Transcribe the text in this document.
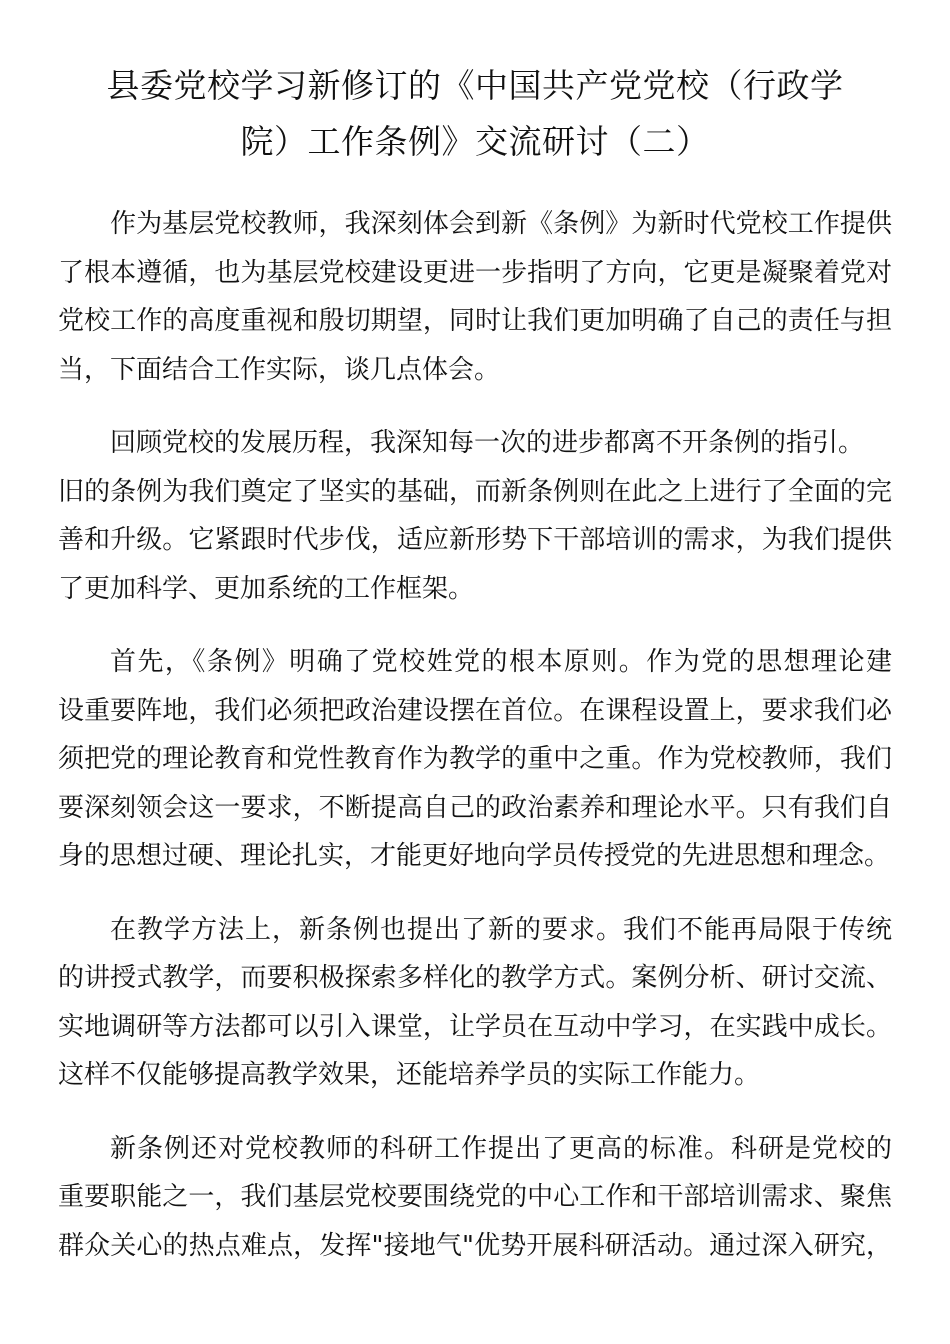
县委党校学习新修订的《中国共产党党校（行政学
院）工作条例》交流研讨（二）
作为基层党校教师，我深刻体会到新《条例》为新时代党校工作提供
了根本遵循，也为基层党校建设更进一步指明了方向，它更是凝聚着党对
党校工作的高度重视和殷切期望，同时让我们更加明确了自己的责任与担
当，下面结合工作实际，谈几点体会。
回顾党校的发展历程，我深知每一次的进步都离不开条例的指引。
旧的条例为我们奠定了坚实的基础，而新条例则在此之上进行了全面的完
善和升级。它紧跟时代步伐，适应新形势下干部培训的需求，为我们提供
了更加科学、更加系统的工作框架。
首先，《条例》明确了党校姓党的根本原则。作为党的思想理论建
设重要阵地，我们必须把政治建设摆在首位。在课程设置上，要求我们必
须把党的理论教育和党性教育作为教学的重中之重。作为党校教师，我们
要深刻领会这一要求，不断提高自己的政治素养和理论水平。只有我们自
身的思想过硬、理论扎实，才能更好地向学员传授党的先进思想和理念。
在教学方法上，新条例也提出了新的要求。我们不能再局限于传统
的讲授式教学，而要积极探索多样化的教学方式。案例分析、研讨交流、
实地调研等方法都可以引入课堂，让学员在互动中学习，在实践中成长。
这样不仅能够提高教学效果，还能培养学员的实际工作能力。
新条例还对党校教师的科研工作提出了更高的标准。科研是党校的
重要职能之一，我们基层党校要围绕党的中心工作和干部培训需求、聚焦
群众关心的热点难点，发挥"接地气"优势开展科研活动。通过深入研究，
